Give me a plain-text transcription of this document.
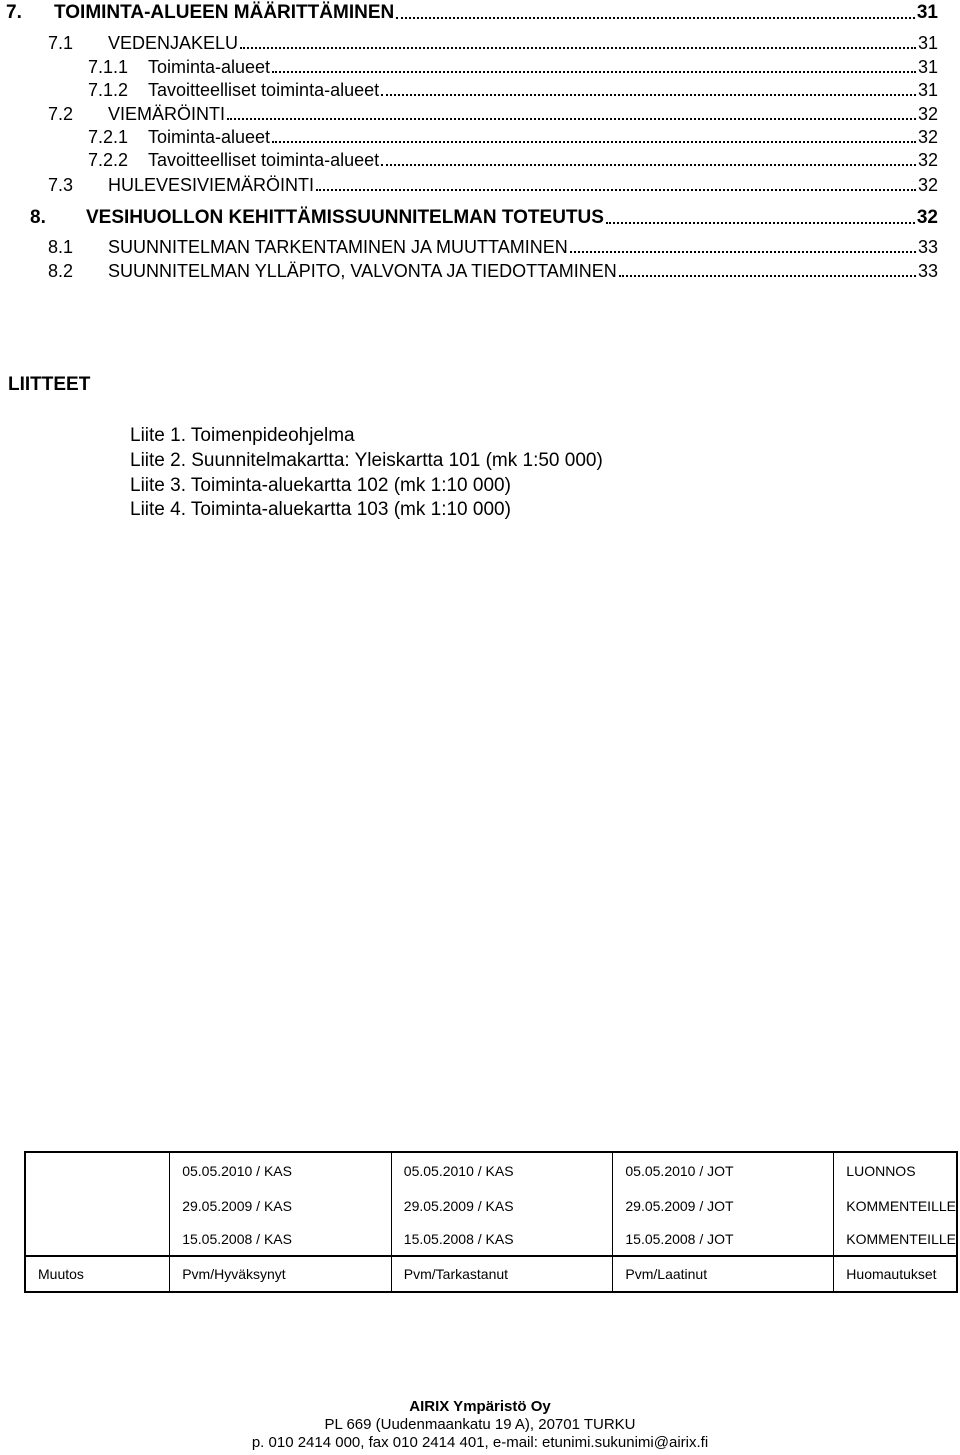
7.	TOIMINTA-ALUEEN MÄÄRITTÄMINEN	31
7.1	VEDENJAKELU	31
7.1.1	Toiminta-alueet	31
7.1.2	Tavoitteelliset toiminta-alueet	31
7.2	VIEMÄRÖINTI	32
7.2.1	Toiminta-alueet	32
7.2.2	Tavoitteelliset toiminta-alueet	32
7.3	HULEVESIVIEMÄRÖINTI	32
8.	VESIHUOLLON KEHITTÄMISSUUNNITELMAN TOTEUTUS	32
8.1	SUUNNITELMAN TARKENTAMINEN JA MUUTTAMINEN	33
8.2	SUUNNITELMAN YLLÄPITO, VALVONTA JA TIEDOTTAMINEN	33
LIITTEET
Liite 1. Toimenpideohjelma
Liite 2. Suunnitelmakartta: Yleiskartta 101 (mk 1:50 000)
Liite 3. Toiminta-aluekartta 102 (mk 1:10 000)
Liite 4. Toiminta-aluekartta 103 (mk 1:10 000)
	05.05.2010 / KAS	05.05.2010 / KAS	05.05.2010 / JOT	LUONNOS
	29.05.2009 / KAS	29.05.2009 / KAS	29.05.2009 / JOT	KOMMENTEILLE
	15.05.2008 / KAS	15.05.2008 / KAS	15.05.2008 / JOT	KOMMENTEILLE
Muutos	Pvm/Hyväksynyt	Pvm/Tarkastanut	Pvm/Laatinut	Huomautukset
AIRIX Ympäristö Oy
PL 669 (Uudenmaankatu 19 A), 20701 TURKU
p. 010 2414 000, fax 010 2414 401, e-mail: etunimi.sukunimi@airix.fi
